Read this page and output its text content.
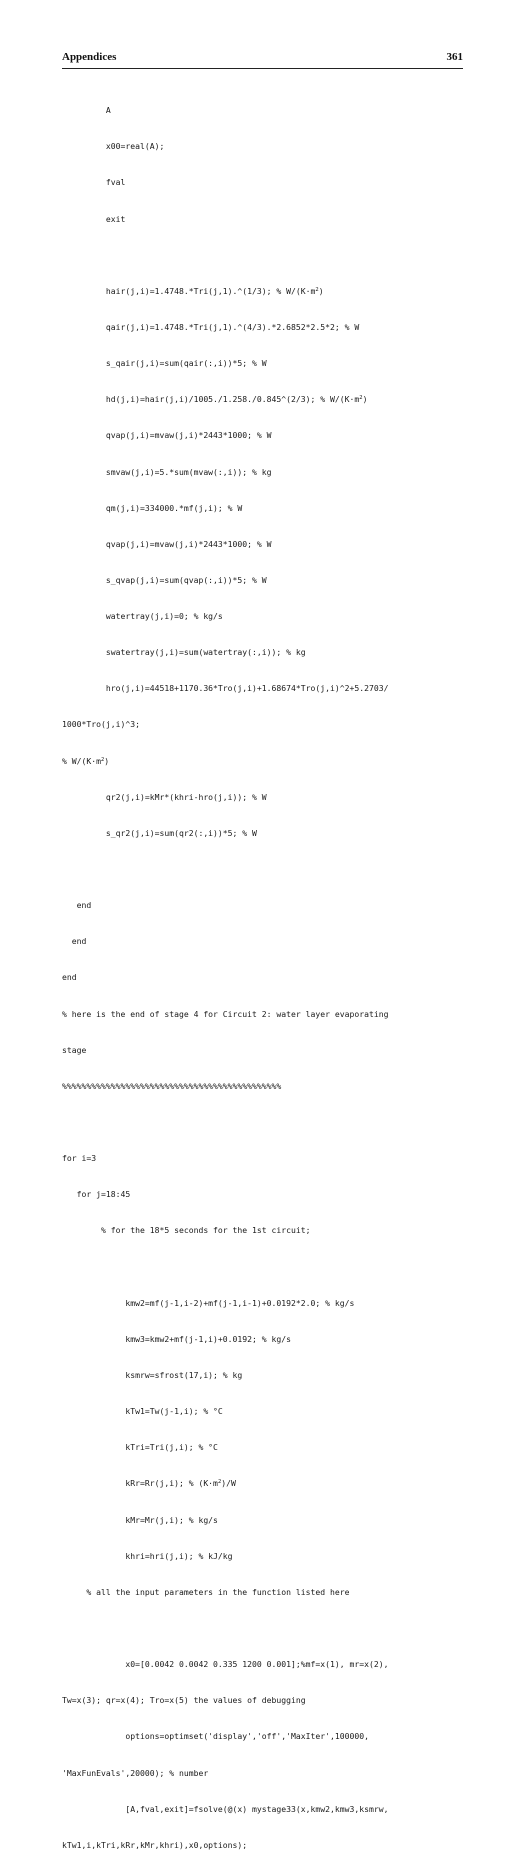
Appendices	361

A

x00=real(A);

fval

exit

hair(j,i)=1.4748.*Tri(j,1).^(1/3); % $W/(K\cdot m^2)$

qair(j,i)=1.4748.*Tri(j,1).^(4/3).*2.6852*2.5*2; % W

s_qair(j,i)=sum(qair(:,i))*5; % W

hd(j,i)=hair(j,i)/1005./1.258./0.845^(2/3); % $W/(K\cdot m^2)$

qvap(j,i)=mvaw(j,i)*2443*1000; % W

smvaw(j,i)=5.*sum(mvaw(:,i)); % kg

qm(j,i)=334000.*mf(j,i); % W

qvap(j,i)=mvaw(j,i)*2443*1000; % W

s_qvap(j,i)=sum(qvap(:,i))*5; % W

watertray(j,i)=0; % kg/s

swatertray(j,i)=sum(watertray(:,i)); % kg

hro(j,i)=44518+1170.36*Tro(j,i)+1.68674*Tro(j,i)^2+5.2703/

1000*Tro(j,i)^3;

% $W/(K\cdot m^2)$

qr2(j,i)=kMr*(khri-hro(j,i)); % W

s_qr2(j,i)=sum(qr2(:,i))*5; % W

end

end

end

% here is the end of stage 4 for Circuit 2: water layer evaporating

stage

%%%%%%%%%%%%%%%%%%%%%%%%%%%%%%%%%%%%%%%%%%%%%

for i=3

for j=18:45

% for the 18*5 seconds for the 1st circuit;

kmw2=mf(j-1,i-2)+mf(j-1,i-1)+0.0192*2.0; % kg/s

kmw3=kmw2+mf(j-1,i)+0.0192; % kg/s

ksmrw=sfrost(17,i); % kg

kTw1=Tw(j-1,i); % °C

kTri=Tri(j,i); % °C

kRr=Rr(j,i); % $(K\cdot m^2)/W$

kMr=Mr(j,i); % kg/s

khri=hri(j,i); % kJ/kg

% all the input parameters in the function listed here

x0=[0.0042 0.0042 0.335 1200 0.001];%mf=x(1), mr=x(2),

Tw=x(3); qr=x(4); Tro=x(5) the values of debugging

options=optimset('display','off','MaxIter',100000,

'MaxFunEvals',20000); % number

[A,fval,exit]=fsolve(@(x) mystage33(x,kmw2,kmw3,ksmrw,

kTw1,i,kTri,kRr,kMr,khri),x0,options);
